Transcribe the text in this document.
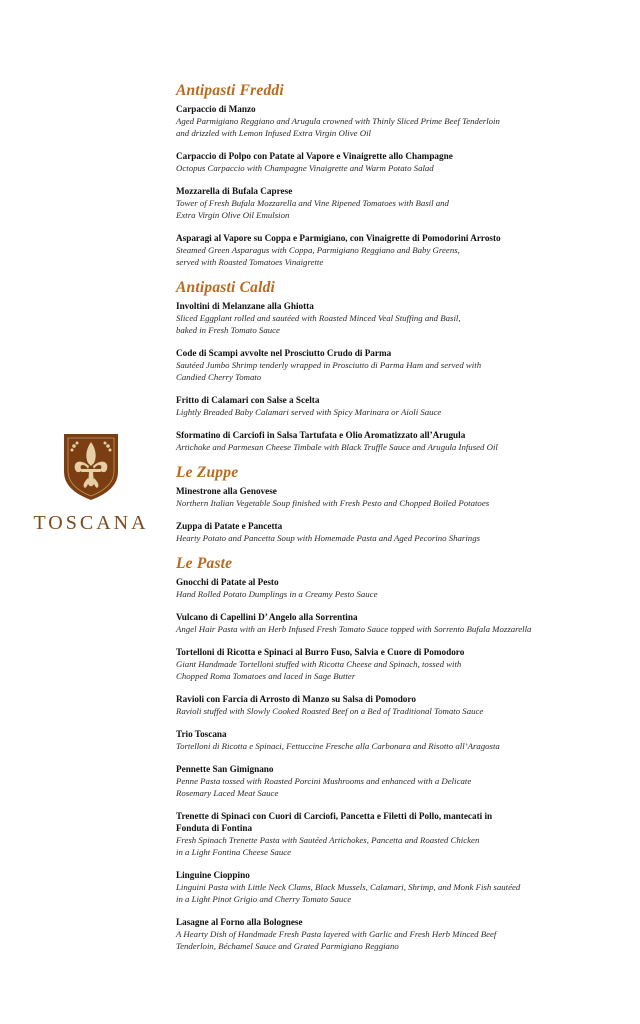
TOSCANA
Antipasti Freddi
Carpaccio di Manzo
Aged Parmigiano Reggiano and Arugula crowned with Thinly Sliced Prime Beef Tenderloin
and drizzled with Lemon Infused Extra Virgin Olive Oil
Carpaccio di Polpo con Patate al Vapore e Vinaigrette allo Champagne
Octopus Carpaccio with Champagne Vinaigrette and Warm Potato Salad
Mozzarella di Bufala Caprese
Tower of Fresh Bufala Mozzarella and Vine Ripened Tomatoes with Basil and
Extra Virgin Olive Oil Emulsion
Asparagi al Vapore su Coppa e Parmigiano, con Vinaigrette di Pomodorini Arrosto
Steamed Green Asparagus with Coppa, Parmigiano Reggiano and Baby Greens,
served with Roasted Tomatoes Vinaigrette
Antipasti Caldi
Involtini di Melanzane alla Ghiotta
Sliced Eggplant rolled and sautéed with Roasted Minced Veal Stuffing and Basil,
baked in Fresh Tomato Sauce
Code di Scampi avvolte nel Prosciutto Crudo di Parma
Sautéed Jumbo Shrimp tenderly wrapped in Prosciutto di Parma Ham and served with
Candied Cherry Tomato
Fritto di Calamari con Salse a Scelta
Lightly Breaded Baby Calamari served with Spicy Marinara or Aioli Sauce
Sformatino di Carciofi in Salsa Tartufata e Olio Aromatizzato all’Arugula
Artichoke and Parmesan Cheese Timbale with Black Truffle Sauce and Arugula Infused Oil
Le Zuppe
Minestrone alla Genovese
Northern Italian Vegetable Soup finished with Fresh Pesto and Chopped Boiled Potatoes
Zuppa di Patate e Pancetta
Hearty Potato and Pancetta Soup with Homemade Pasta and Aged Pecorino Sharings
Le Paste
Gnocchi di Patate al Pesto
Hand Rolled Potato Dumplings in a Creamy Pesto Sauce
Vulcano di Capellini D’ Angelo alla Sorrentina
Angel Hair Pasta with an Herb Infused Fresh Tomato Sauce topped with Sorrento Bufala Mozzarella
Tortelloni di Ricotta e Spinaci al Burro Fuso, Salvia e Cuore di Pomodoro
Giant Handmade Tortelloni stuffed with Ricotta Cheese and Spinach, tossed with
Chopped Roma Tomatoes and laced in Sage Butter
Ravioli con Farcia di Arrosto di Manzo su Salsa di Pomodoro
Ravioli stuffed with Slowly Cooked Roasted Beef on a Bed of Traditional Tomato Sauce
Trio Toscana
Tortelloni di Ricotta e Spinaci, Fettuccine Fresche alla Carbonara and Risotto all’Aragosta
Pennette San Gimignano
Penne Pasta tossed with Roasted Porcini Mushrooms and enhanced with a Delicate
Rosemary Laced Meat Sauce
Trenette di Spinaci con Cuori di Carciofi, Pancetta e Filetti di Pollo, mantecati in
Fonduta di Fontina
Fresh Spinach Trenette Pasta with Sautéed Artichokes, Pancetta and Roasted Chicken
in a Light Fontina Cheese Sauce
Linguine Cioppino
Linguini Pasta with Little Neck Clams, Black Mussels, Calamari, Shrimp, and Monk Fish sautéed
in a Light Pinot Grigio and Cherry Tomato Sauce
Lasagne al Forno alla Bolognese
A Hearty Dish of Handmade Fresh Pasta layered with Garlic and Fresh Herb Minced Beef
Tenderloin, Béchamel Sauce and Grated Parmigiano Reggiano
